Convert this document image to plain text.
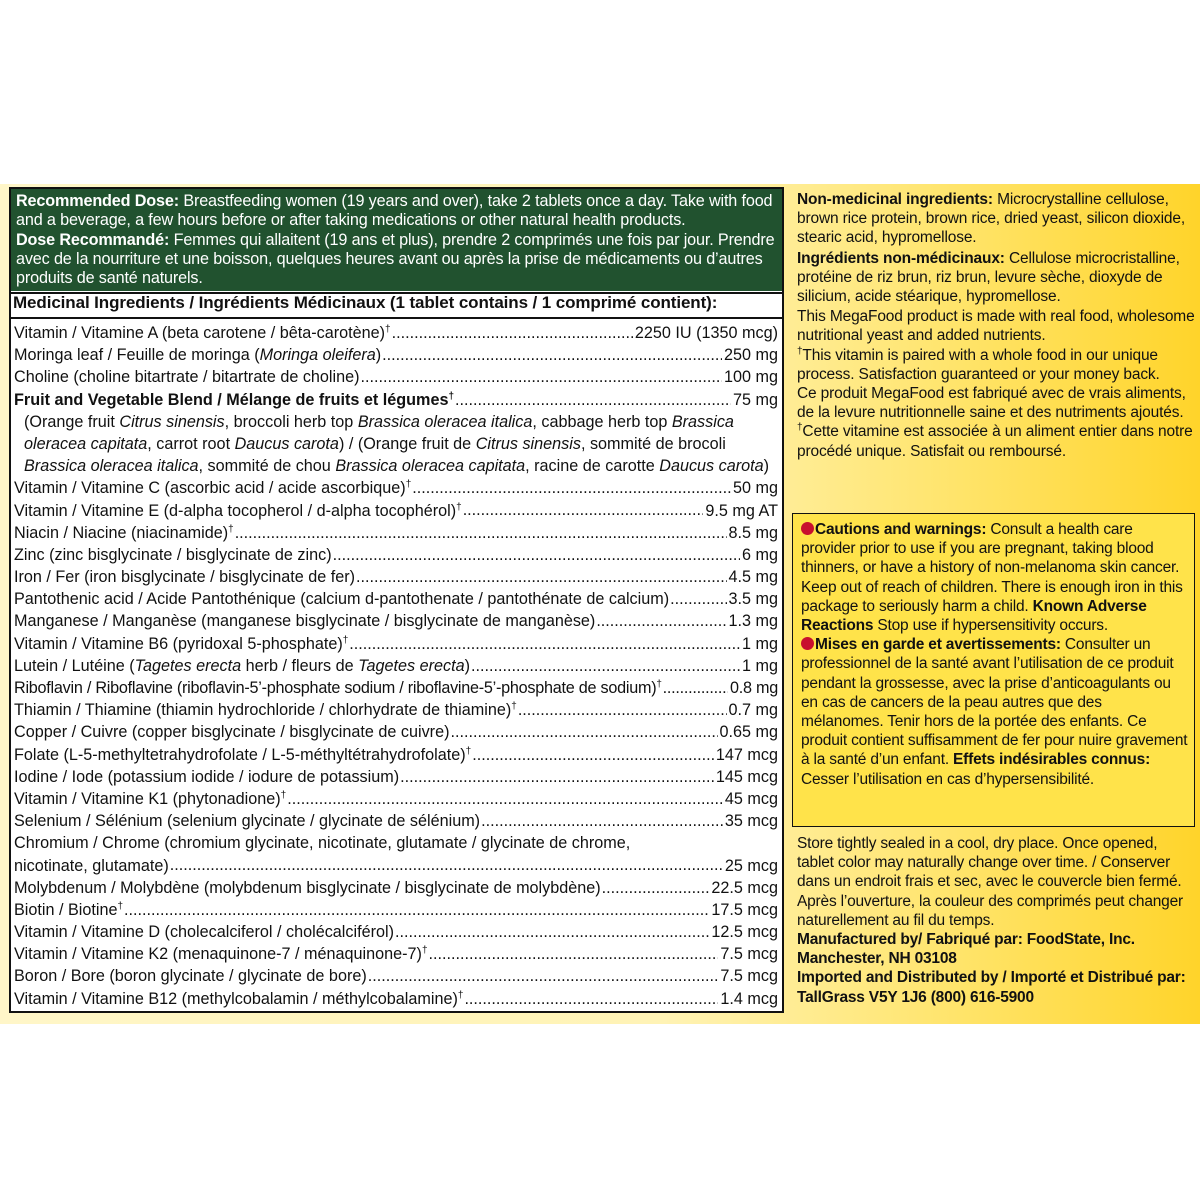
Recommended Dose: Breastfeeding women (19 years and over), take 2 tablets once a day. Take with food and a beverage, a few hours before or after taking medications or other natural health products.
Dose Recommandé: Femmes qui allaitent (19 ans et plus), prendre 2 comprimés une fois par jour. Prendre avec de la nourriture et une boisson, quelques heures avant ou après la prise de médicaments ou d’autres produits de santé naturels.
Medicinal Ingredients / Ingrédients Médicinaux (1 tablet contains / 1 comprimé contient):
Vitamin / Vitamine A (beta carotene / bêta-carotène)† .....	2250 IU (1350 mcg)
Moringa leaf / Feuille de moringa (Moringa oleifera) .....	250 mg
Choline (choline bitartrate / bitartrate de choline) .....	100 mg
Fruit and Vegetable Blend / Mélange de fruits et légumes† .....	75 mg
(Orange fruit Citrus sinensis, broccoli herb top Brassica oleracea italica, cabbage herb top Brassica
oleracea capitata, carrot root Daucus carota) / (Orange fruit de Citrus sinensis, sommité de brocoli
Brassica oleracea italica, sommité de chou Brassica oleracea capitata, racine de carotte Daucus carota)
Vitamin / Vitamine C (ascorbic acid / acide ascorbique)† .....	50 mg
Vitamin / Vitamine E (d-alpha tocopherol / d-alpha tocophérol)† .....	9.5 mg AT
Niacin / Niacine (niacinamide)† .....	8.5 mg
Zinc (zinc bisglycinate / bisglycinate de zinc) .....	6 mg
Iron / Fer (iron bisglycinate / bisglycinate de fer) .....	4.5 mg
Pantothenic acid / Acide Pantothénique (calcium d-pantothenate / pantothénate de calcium) .....	3.5 mg
Manganese / Manganèse (manganese bisglycinate / bisglycinate de manganèse) .....	1.3 mg
Vitamin / Vitamine B6 (pyridoxal 5-phosphate)† .....	1 mg
Lutein / Lutéine (Tagetes erecta herb / fleurs de Tagetes erecta) .....	1 mg
Riboflavin / Riboflavine (riboflavin-5’-phosphate sodium / riboflavine-5’-phosphate de sodium)† .....	0.8 mg
Thiamin / Thiamine (thiamin hydrochloride / chlorhydrate de thiamine)† .....	0.7 mg
Copper / Cuivre (copper bisglycinate / bisglycinate de cuivre) .....	0.65 mg
Folate (L-5-methyltetrahydrofolate / L-5-méthyltétrahydrofolate)† .....	147 mcg
Iodine / Iode (potassium iodide / iodure de potassium) .....	145 mcg
Vitamin / Vitamine K1 (phytonadione)† .....	45 mcg
Selenium / Sélénium (selenium glycinate / glycinate de sélénium) .....	35 mcg
Chromium / Chrome (chromium glycinate, nicotinate, glutamate / glycinate de chrome,
nicotinate, glutamate) .....	25 mcg
Molybdenum / Molybdène (molybdenum bisglycinate / bisglycinate de molybdène) .....	22.5 mcg
Biotin / Biotine† .....	17.5 mcg
Vitamin / Vitamine D (cholecalciferol / cholécalciférol) .....	12.5 mcg
Vitamin / Vitamine K2 (menaquinone-7 / ménaquinone-7)† .....	7.5 mcg
Boron / Bore (boron glycinate / glycinate de bore) .....	7.5 mcg
Vitamin / Vitamine B12 (methylcobalamin / méthylcobalamine)† .....	1.4 mcg

Non-medicinal ingredients: Microcrystalline cellulose, brown rice protein, brown rice, dried yeast, silicon dioxide, stearic acid, hypromellose.

Ingrédients non-médicinaux: Cellulose microcristalline, protéine de riz brun, riz brun, levure sèche, dioxyde de silicium, acide stéarique, hypromellose.

This MegaFood product is made with real food, wholesome nutritional yeast and added nutrients.
†This vitamin is paired with a whole food in our unique process. Satisfaction guaranteed or your money back.

Ce produit MegaFood est fabriqué avec de vrais aliments, de la levure nutritionnelle saine et des nutriments ajoutés. †Cette vitamine est associée à un aliment entier dans notre procédé unique. Satisfait ou remboursé.

Cautions and warnings: Consult a health care provider prior to use if you are pregnant, taking blood thinners, or have a history of non-melanoma skin cancer. Keep out of reach of children. There is enough iron in this package to seriously harm a child. Known Adverse Reactions Stop use if hypersensitivity occurs.
Mises en garde et avertissements: Consulter un professionnel de la santé avant l’utilisation de ce produit pendant la grossesse, avec la prise d’anticoagulants ou en cas de cancers de la peau autres que des mélanomes. Tenir hors de la portée des enfants. Ce produit contient suffisamment de fer pour nuire gravement à la santé d’un enfant. Effets indésirables connus: Cesser l’utilisation en cas d’hypersensibilité.

Store tightly sealed in a cool, dry place. Once opened, tablet color may naturally change over time. / Conserver dans un endroit frais et sec, avec le couvercle bien fermé. Après l’ouverture, la couleur des comprimés peut changer naturellement au fil du temps.

Manufactured by/ Fabriqué par: FoodState, Inc. Manchester, NH 03108

Imported and Distributed by / Importé et Distribué par: TallGrass V5Y 1J6 (800) 616-5900
